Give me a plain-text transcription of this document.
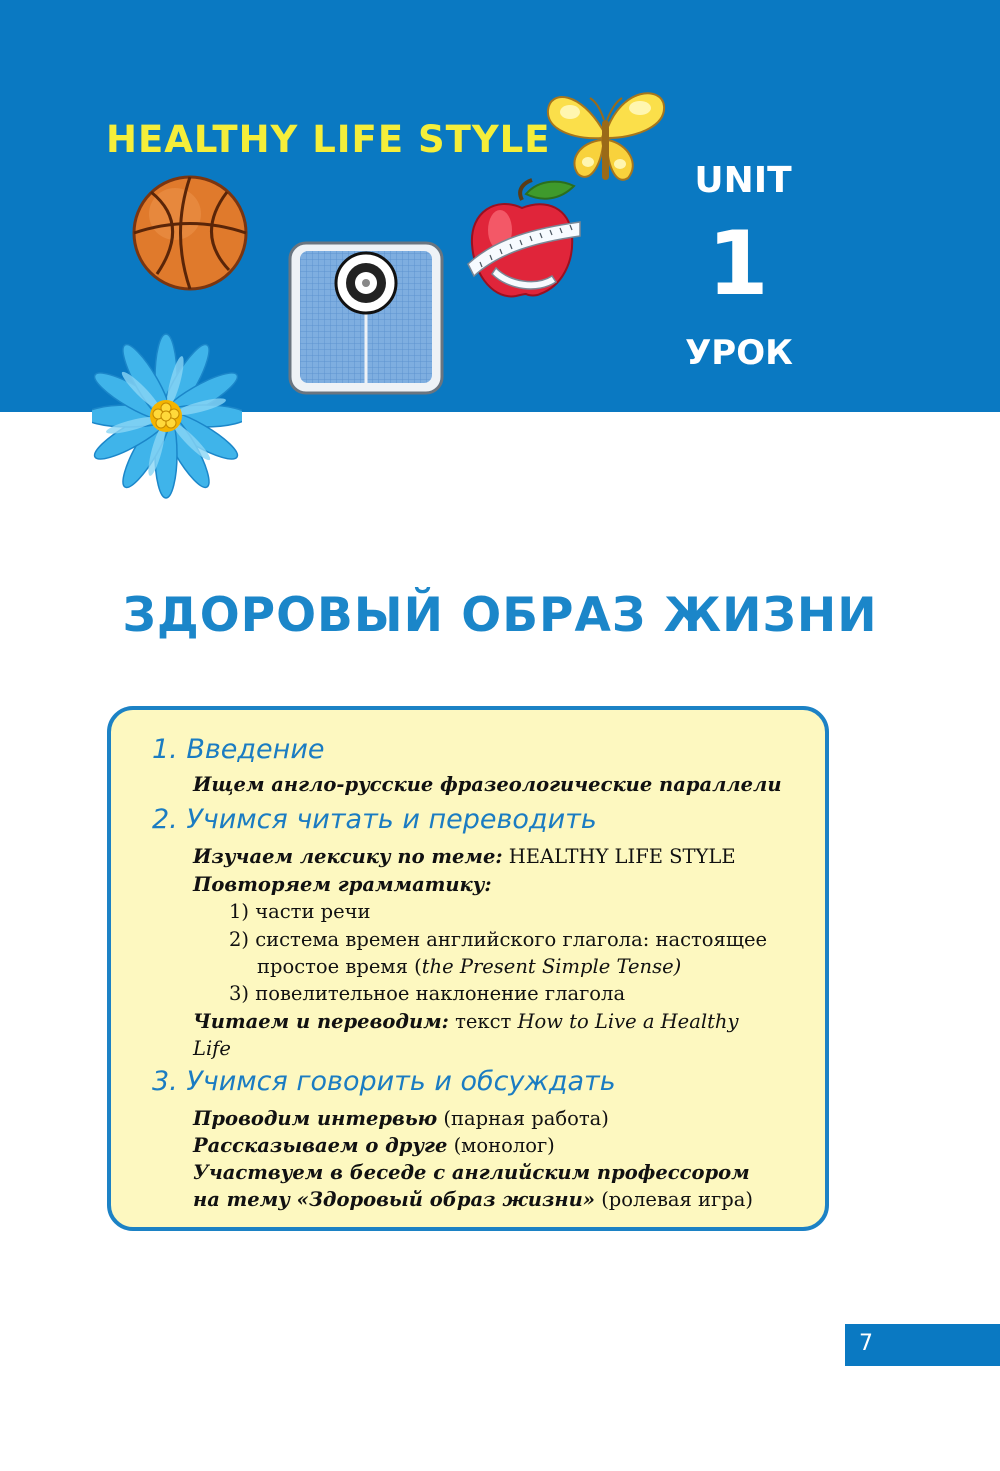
HEALTHY LIFE STYLE
UNIT
1
УРОК
ЗДОРОВЫЙ ОБРАЗ ЖИЗНИ
1. Введение
Ищем англо-русские фразеологические параллели
2. Учимся читать и переводить
Изучаем лексику по теме: HEALTHY LIFE STYLE
Повторяем грамматику:
1) части речи
2) система времен английского глагола: настоящее
простое время (the Present Simple Tense)
3) повелительное наклонение глагола
Читаем и переводим: текст How to Live a Healthy
Life
3. Учимся говорить и обсуждать
Проводим интервью (парная работа)
Рассказываем о друге (монолог)
Участвуем в беседе с английским профессором
на тему «Здоровый образ жизни» (ролевая игра)
7
